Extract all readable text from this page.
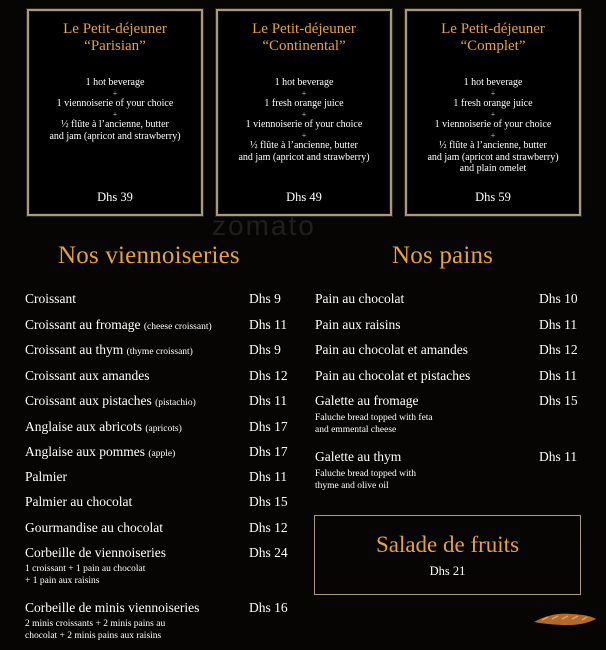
Le Petit-déjeuner
“Parisian”
1 hot beverage
+
1 viennoiserie of your choice
+
½ flûte à l’ancienne, butter
and jam (apricot and strawberry)
Dhs 39
Le Petit-déjeuner
“Continental”
1 hot beverage
+
1 fresh orange juice
+
1 viennoiserie of your choice
+
½ flûte à l’ancienne, butter
and jam (apricot and strawberry)
Dhs 49
Le Petit-déjeuner
“Complet”
1 hot beverage
+
1 fresh orange juice
+
1 viennoiserie of your choice
+
½ flûte à l’ancienne, butter
and jam (apricot and strawberry)
and plain omelet
Dhs 59
zomato
Nos viennoiseries	Nos pains
Croissant	Dhs 9
Croissant au fromage (cheese croissant)	Dhs 11
Croissant au thym (thyme croissant)	Dhs 9
Croissant aux amandes	Dhs 12
Croissant aux pistaches (pistachio)	Dhs 11
Anglaise aux abricots (apricots)	Dhs 17
Anglaise aux pommes (apple)	Dhs 17
Palmier	Dhs 11
Palmier au chocolat	Dhs 15
Gourmandise au chocolat	Dhs 12
Corbeille de viennoiseries	Dhs 24
1 croissant + 1 pain au chocolat
+ 1 pain aux raisins
Corbeille de minis viennoiseries	Dhs 16
2 minis croissants + 2 minis pains au
chocolat + 2 minis pains aux raisins
Pain au chocolat	Dhs 10
Pain aux raisins	Dhs 11
Pain au chocolat et amandes	Dhs 12
Pain au chocolat et pistaches	Dhs 11
Galette au fromage	Dhs 15
Faluche bread topped with feta
and emmental cheese
Galette au thym	Dhs 11
Faluche bread topped with
thyme and olive oil
Salade de fruits
Dhs 21
